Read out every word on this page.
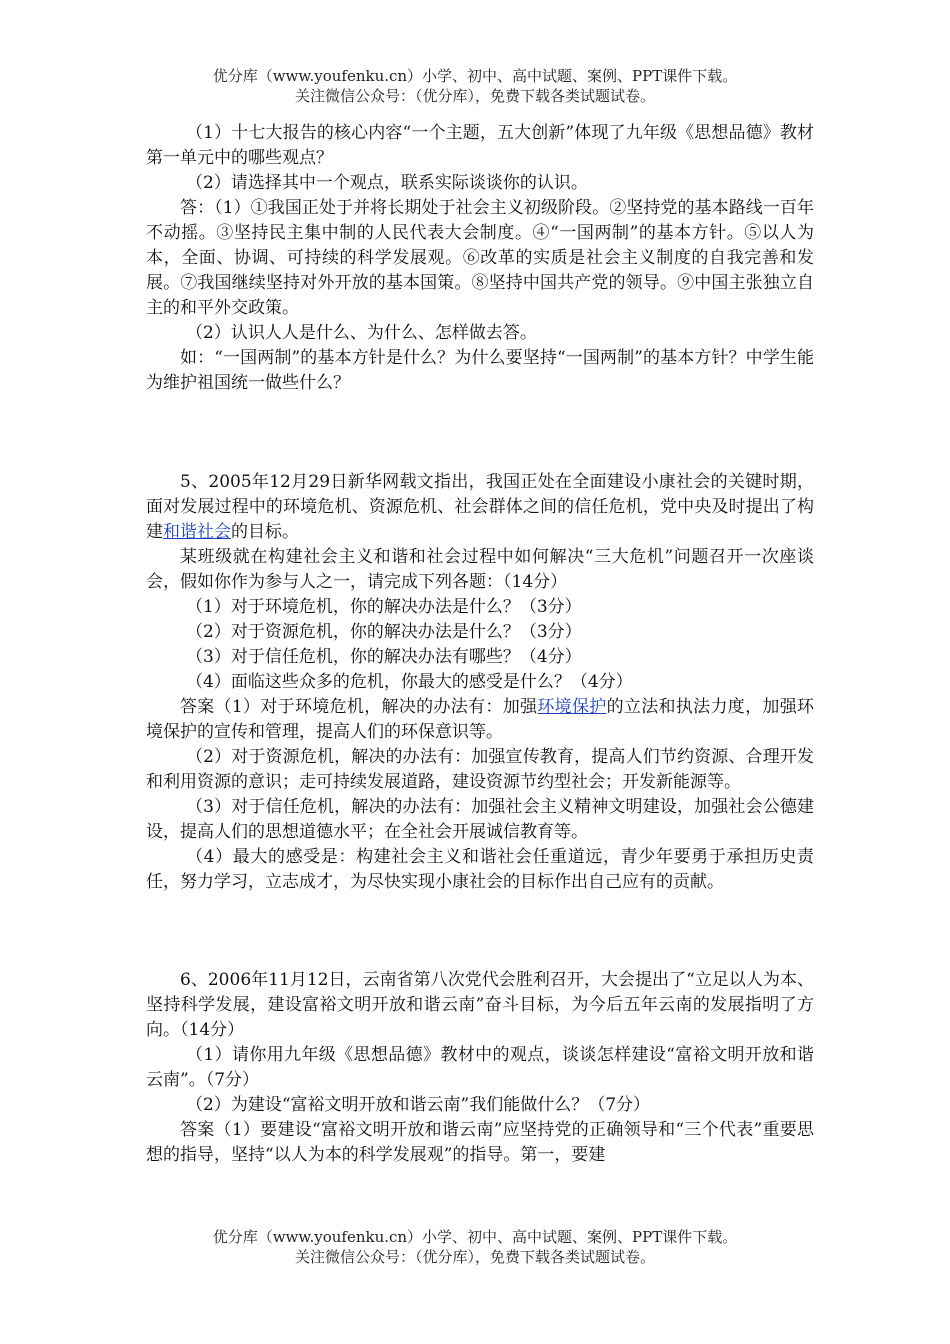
优分库（www.youfenku.cn）小学、初中、高中试题、案例、PPT课件下载。
关注微信公众号：（优分库），免费下载各类试题试卷。

（1）十七大报告的核心内容“一个主题，五大创新”体现了九年级《思想品德》教材第一单元中的哪些观点？

（2）请选择其中一个观点，联系实际谈谈你的认识。

答：（1）①我国正处于并将长期处于社会主义初级阶段。②坚持党的基本路线一百年不动摇。③坚持民主集中制的人民代表大会制度。④“一国两制”的基本方针。⑤以人为本，全面、协调、可持续的科学发展观。⑥改革的实质是社会主义制度的自我完善和发展。⑦我国继续坚持对外开放的基本国策。⑧坚持中国共产党的领导。⑨中国主张独立自主的和平外交政策。

（2）认识人人是什么、为什么、怎样做去答。

如：“一国两制”的基本方针是什么？为什么要坚持“一国两制”的基本方针？中学生能为维护祖国统一做些什么？

5、2005年12月29日新华网载文指出，我国正处在全面建设小康社会的关键时期，面对发展过程中的环境危机、资源危机、社会群体之间的信任危机，党中央及时提出了构建和谐社会的目标。

某班级就在构建社会主义和谐和社会过程中如何解决“三大危机”问题召开一次座谈会，假如你作为参与人之一，请完成下列各题：（14分）

（1）对于环境危机，你的解决办法是什么？（3分）

（2）对于资源危机，你的解决办法是什么？（3分）

（3）对于信任危机，你的解决办法有哪些？（4分）

（4）面临这些众多的危机，你最大的感受是什么？（4分）

答案（1）对于环境危机，解决的办法有：加强环境保护的立法和执法力度，加强环境保护的宣传和管理，提高人们的环保意识等。

（2）对于资源危机，解决的办法有：加强宣传教育，提高人们节约资源、合理开发和利用资源的意识；走可持续发展道路，建设资源节约型社会；开发新能源等。

（3）对于信任危机，解决的办法有：加强社会主义精神文明建设，加强社会公德建设，提高人们的思想道德水平；在全社会开展诚信教育等。

（4）最大的感受是：构建社会主义和谐社会任重道远，青少年要勇于承担历史责任，努力学习，立志成才，为尽快实现小康社会的目标作出自己应有的贡献。

6、2006年11月12日，云南省第八次党代会胜利召开，大会提出了“立足以人为本、坚持科学发展，建设富裕文明开放和谐云南”奋斗目标，为今后五年云南的发展指明了方向。（14分）

（1）请你用九年级《思想品德》教材中的观点，谈谈怎样建设“富裕文明开放和谐云南”。（7分）

（2）为建设“富裕文明开放和谐云南”我们能做什么？（7分）

答案（1）要建设“富裕文明开放和谐云南”应坚持党的正确领导和“三个代表”重要思想的指导，坚持“以人为本的科学发展观”的指导。第一，要建

优分库（www.youfenku.cn）小学、初中、高中试题、案例、PPT课件下载。
关注微信公众号：（优分库），免费下载各类试题试卷。
